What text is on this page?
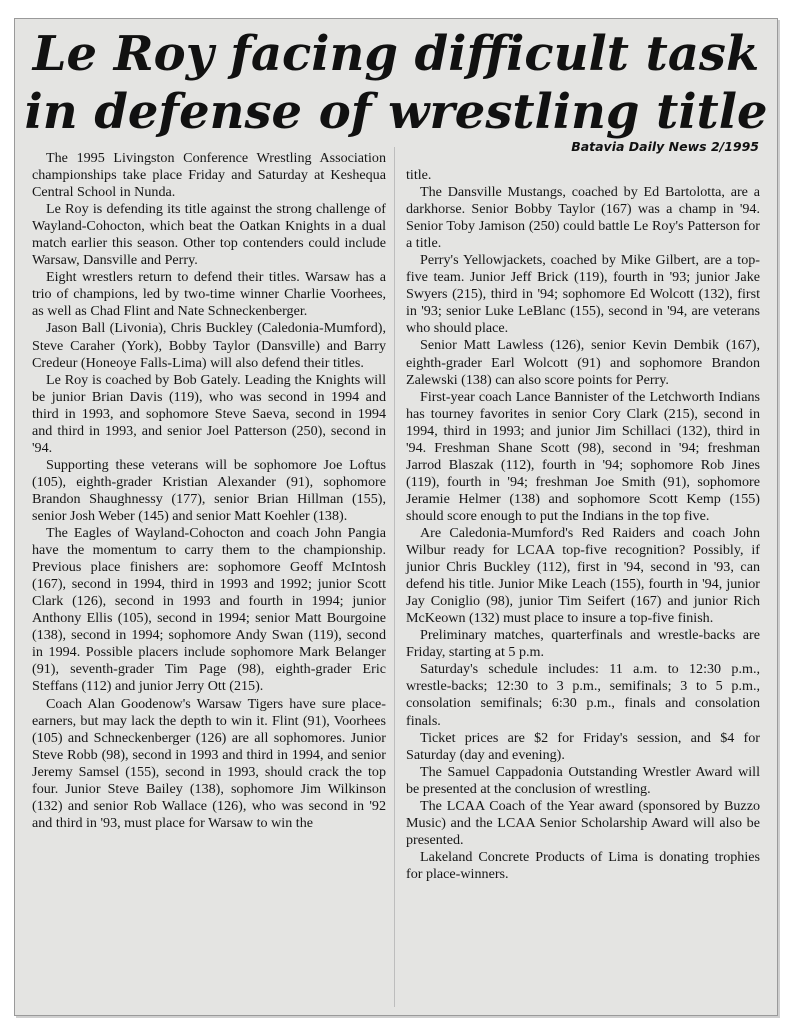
Le Roy facing difficult task
in defense of wrestling title
Batavia Daily News 2/1995

The 1995 Livingston Conference Wrestling Association championships take place Friday and Saturday at Keshequa Central School in Nunda.

Le Roy is defending its title against the strong challenge of Wayland-Cohocton, which beat the Oatkan Knights in a dual match earlier this season. Other top contenders could include Warsaw, Dansville and Perry.

Eight wrestlers return to defend their titles. Warsaw has a trio of champions, led by two-time winner Charlie Voorhees, as well as Chad Flint and Nate Schneckenberger.

Jason Ball (Livonia), Chris Buckley (Caledonia-Mumford), Steve Caraher (York), Bobby Taylor (Dansville) and Barry Credeur (Honeoye Falls-Lima) will also defend their titles.

Le Roy is coached by Bob Gately. Leading the Knights will be junior Brian Davis (119), who was second in 1994 and third in 1993, and sophomore Steve Saeva, second in 1994 and third in 1993, and senior Joel Patterson (250), second in '94.

Supporting these veterans will be sophomore Joe Loftus (105), eighth-grader Kristian Alexander (91), sophomore Brandon Shaughnessy (177), senior Brian Hillman (155), senior Josh Weber (145) and senior Matt Koehler (138).

The Eagles of Wayland-Cohocton and coach John Pangia have the momentum to carry them to the championship. Previous place finishers are: sophomore Geoff McIntosh (167), second in 1994, third in 1993 and 1992; junior Scott Clark (126), second in 1993 and fourth in 1994; junior Anthony Ellis (105), second in 1994; senior Matt Bourgoine (138), second in 1994; sophomore Andy Swan (119), second in 1994. Possible placers include sophomore Mark Belanger (91), seventh-grader Tim Page (98), eighth-grader Eric Steffans (112) and junior Jerry Ott (215).

Coach Alan Goodenow's Warsaw Tigers have sure place-earners, but may lack the depth to win it. Flint (91), Voorhees (105) and Schneckenberger (126) are all sophomores. Junior Steve Robb (98), second in 1993 and third in 1994, and senior Jeremy Samsel (155), second in 1993, should crack the top four. Junior Steve Bailey (138), sophomore Jim Wilkinson (132) and senior Rob Wallace (126), who was second in '92 and third in '93, must place for Warsaw to win the

title.

The Dansville Mustangs, coached by Ed Bartolotta, are a darkhorse. Senior Bobby Taylor (167) was a champ in '94. Senior Toby Jamison (250) could battle Le Roy's Patterson for a title.

Perry's Yellowjackets, coached by Mike Gilbert, are a top-five team. Junior Jeff Brick (119), fourth in '93; junior Jake Swyers (215), third in '94; sophomore Ed Wolcott (132), first in '93; senior Luke LeBlanc (155), second in '94, are veterans who should place.

Senior Matt Lawless (126), senior Kevin Dembik (167), eighth-grader Earl Wolcott (91) and sophomore Brandon Zalewski (138) can also score points for Perry.

First-year coach Lance Bannister of the Letchworth Indians has tourney favorites in senior Cory Clark (215), second in 1994, third in 1993; and junior Jim Schillaci (132), third in '94. Freshman Shane Scott (98), second in '94; freshman Jarrod Blaszak (112), fourth in '94; sophomore Rob Jines (119), fourth in '94; freshman Joe Smith (91), sophomore Jeramie Helmer (138) and sophomore Scott Kemp (155) should score enough to put the Indians in the top five.

Are Caledonia-Mumford's Red Raiders and coach John Wilbur ready for LCAA top-five recognition? Possibly, if junior Chris Buckley (112), first in '94, second in '93, can defend his title. Junior Mike Leach (155), fourth in '94, junior Jay Coniglio (98), junior Tim Seifert (167) and junior Rich McKeown (132) must place to insure a top-five finish.

Preliminary matches, quarterfinals and wrestle-backs are Friday, starting at 5 p.m.

Saturday's schedule includes: 11 a.m. to 12:30 p.m., wrestle-backs; 12:30 to 3 p.m., semifinals; 3 to 5 p.m., consolation semifinals; 6:30 p.m., finals and consolation finals.

Ticket prices are $2 for Friday's session, and $4 for Saturday (day and evening).

The Samuel Cappadonia Outstanding Wrestler Award will be presented at the conclusion of wrestling.

The LCAA Coach of the Year award (sponsored by Buzzo Music) and the LCAA Senior Scholarship Award will also be presented.

Lakeland Concrete Products of Lima is donating trophies for place-winners.
